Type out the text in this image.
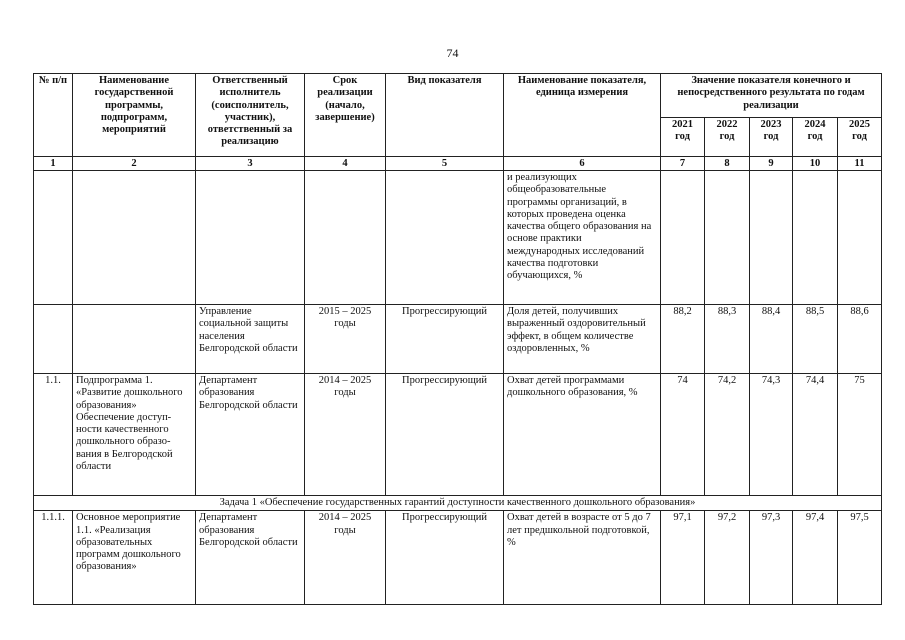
74
№ п/п	Наименование государственной программы, подпрограмм, мероприятий	Ответственный исполнитель (соисполнитель, участник), ответственный за реализацию	Срок реализации (начало, завершение)	Вид показателя	Наименование показателя, единица измерения	Значение показателя конечного и непосредственного результата по годам реализации				
						2021 год	2022 год	2023 год	2024 год	2025 год
1	2	3	4	5	6	7	8	9	10	11
					и реализующих общеобразовательные программы организаций, в которых проведена оценка качества общего образования на основе практики международных исследований качества подготовки обучающихся, %					
		Управление социальной защиты населения Белгородской области	2015 – 2025 годы	Прогрессирующий	Доля детей, получивших выраженный оздоровительный эффект, в общем количестве оздоровленных, %	88,2	88,3	88,4	88,5	88,6
1.1.	Подпрограмма 1. «Развитие дошкольного образования» Обеспечение доступ-ности качественного дошкольного образо-вания в Белгородской области	Департамент образования Белгородской области	2014 – 2025 годы	Прогрессирующий	Охват детей программами дошкольного образования, %	74	74,2	74,3	74,4	75
Задача 1 «Обеспечение государственных гарантий доступности качественного дошкольного образования»										
1.1.1.	Основное мероприятие 1.1. «Реализация образовательных программ дошкольного образования»	Департамент образования Белгородской области	2014 – 2025 годы	Прогрессирующий	Охват детей в возрасте от 5 до 7 лет предшкольной подготовкой, %	97,1	97,2	97,3	97,4	97,5
